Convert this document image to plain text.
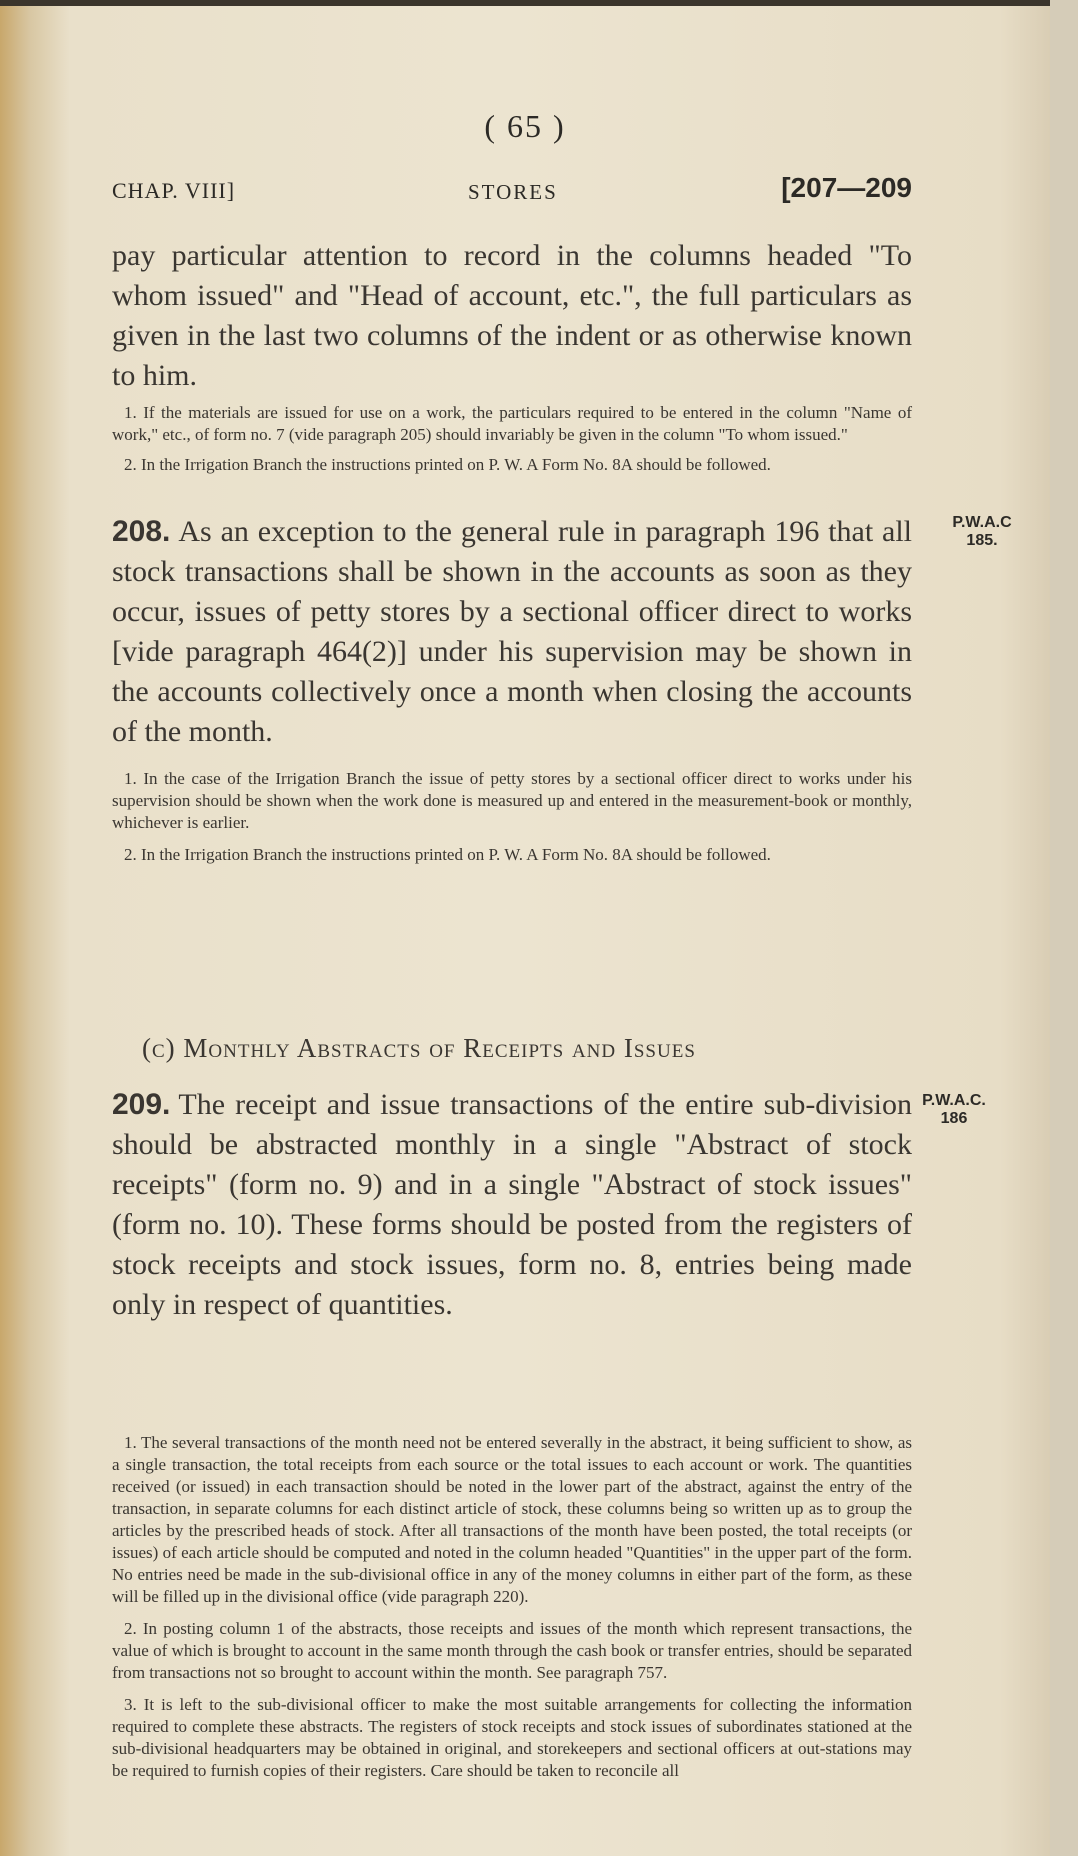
( 65 )
CHAP. VIII]	STORES	[207—209

pay particular attention to record in the columns headed "To whom issued" and "Head of account, etc.", the full particulars as given in the last two columns of the indent or as otherwise known to him.

1. If the materials are issued for use on a work, the particulars required to be entered in the column "Name of work," etc., of form no. 7 (vide paragraph 205) should invariably be given in the column "To whom issued."

2. In the Irrigation Branch the instructions printed on P. W. A Form No. 8A should be followed.

208. As an exception to the general rule in paragraph 196 that all stock transactions shall be shown in the accounts as soon as they occur, issues of petty stores by a sectional officer direct to works [vide paragraph 464(2)] under his supervision may be shown in the accounts collectively once a month when closing the accounts of the month.

P.W.A.C
185.

1. In the case of the Irrigation Branch the issue of petty stores by a sectional officer direct to works under his supervision should be shown when the work done is measured up and entered in the measurement-book or monthly, whichever is earlier.

2. In the Irrigation Branch the instructions printed on P. W. A Form No. 8A should be followed.

(c) Monthly Abstracts of Receipts and Issues

209. The receipt and issue transactions of the entire sub-division should be abstracted monthly in a single "Abstract of stock receipts" (form no. 9) and in a single "Abstract of stock issues" (form no. 10). These forms should be posted from the registers of stock receipts and stock issues, form no. 8, entries being made only in respect of quantities.

P.W.A.C.
186

1. The several transactions of the month need not be entered severally in the abstract, it being sufficient to show, as a single transaction, the total receipts from each source or the total issues to each account or work. The quantities received (or issued) in each transaction should be noted in the lower part of the abstract, against the entry of the transaction, in separate columns for each distinct article of stock, these columns being so written up as to group the articles by the prescribed heads of stock. After all transactions of the month have been posted, the total receipts (or issues) of each article should be computed and noted in the column headed "Quantities" in the upper part of the form. No entries need be made in the sub-divisional office in any of the money columns in either part of the form, as these will be filled up in the divisional office (vide paragraph 220).

2. In posting column 1 of the abstracts, those receipts and issues of the month which represent transactions, the value of which is brought to account in the same month through the cash book or transfer entries, should be separated from transactions not so brought to account within the month. See paragraph 757.

3. It is left to the sub-divisional officer to make the most suitable arrangements for collecting the information required to complete these abstracts. The registers of stock receipts and stock issues of subordinates stationed at the sub-divisional headquarters may be obtained in original, and storekeepers and sectional officers at out-stations may be required to furnish copies of their registers. Care should be taken to reconcile all
